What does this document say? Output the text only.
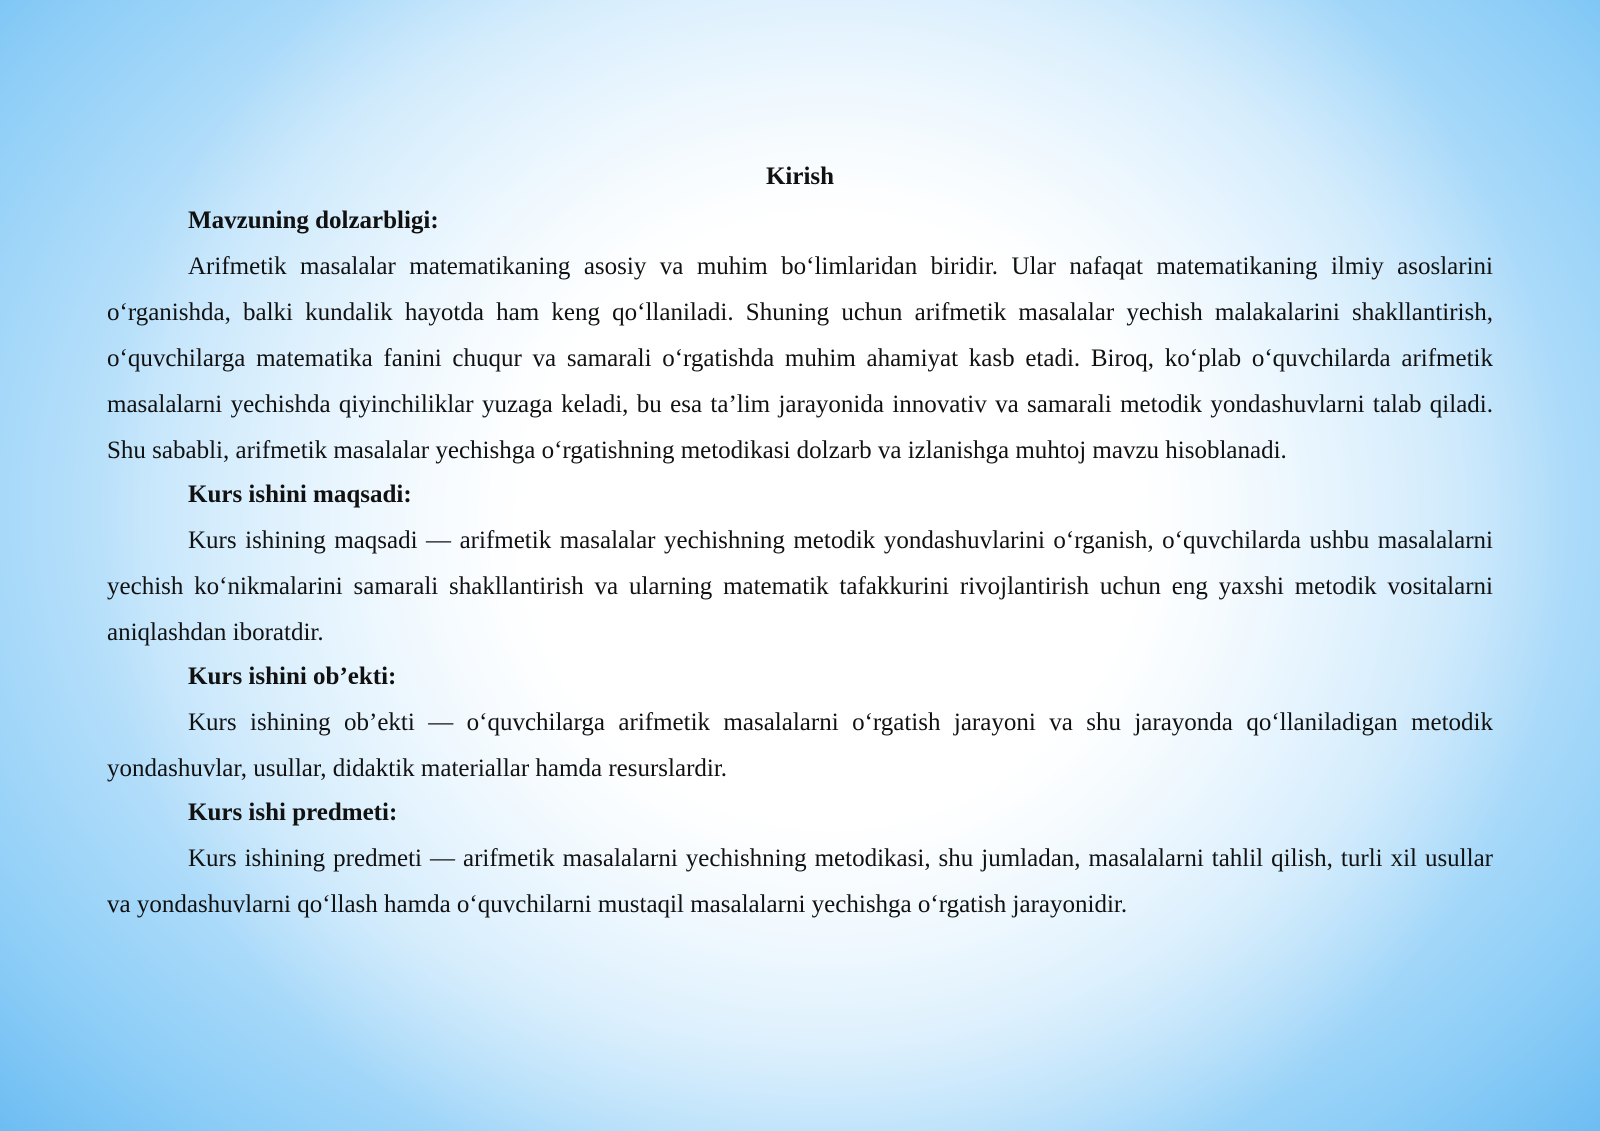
Kirish

Mavzuning dolzarbligi:

Arifmetik masalalar matematikaning asosiy va muhim bo‘limlaridan biridir. Ular nafaqat matematikaning ilmiy asoslarini o‘rganishda, balki kundalik hayotda ham keng qo‘llaniladi. Shuning uchun arifmetik masalalar yechish malakalarini shakllantirish, o‘quvchilarga matematika fanini chuqur va samarali o‘rgatishda muhim ahamiyat kasb etadi. Biroq, ko‘plab o‘quvchilarda arifmetik masalalarni yechishda qiyinchiliklar yuzaga keladi, bu esa ta’lim jarayonida innovativ va samarali metodik yondashuvlarni talab qiladi. Shu sababli, arifmetik masalalar yechishga o‘rgatishning metodikasi dolzarb va izlanishga muhtoj mavzu hisoblanadi.

Kurs ishini maqsadi:

Kurs ishining maqsadi — arifmetik masalalar yechishning metodik yondashuvlarini o‘rganish, o‘quvchilarda ushbu masalalarni yechish ko‘nikmalarini samarali shakllantirish va ularning matematik tafakkurini rivojlantirish uchun eng yaxshi metodik vositalarni aniqlashdan iboratdir.

Kurs ishini ob’ekti:

Kurs ishining ob’ekti — o‘quvchilarga arifmetik masalalarni o‘rgatish jarayoni va shu jarayonda qo‘llaniladigan metodik yondashuvlar, usullar, didaktik materiallar hamda resurslardir.

Kurs ishi predmeti:

Kurs ishining predmeti — arifmetik masalalarni yechishning metodikasi, shu jumladan, masalalarni tahlil qilish, turli xil usullar va yondashuvlarni qo‘llash hamda o‘quvchilarni mustaqil masalalarni yechishga o‘rgatish jarayonidir.
